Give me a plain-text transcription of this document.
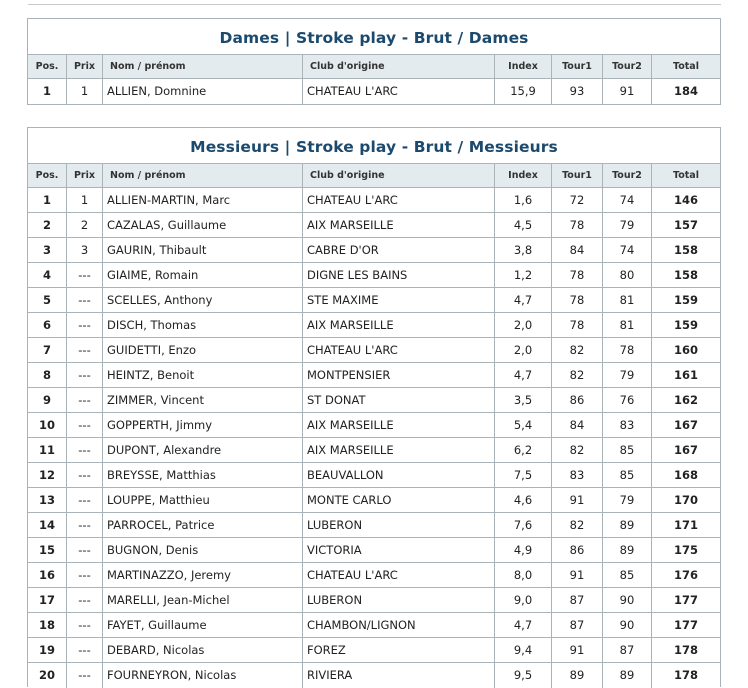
Dames | Stroke play - Brut / Dames
Pos.	Prix	Nom / prénom	Club d'origine	Index	Tour1	Tour2	Total
1	1	ALLIEN, Domnine	CHATEAU L'ARC	15,9	93	91	184
Messieurs | Stroke play - Brut / Messieurs
Pos.	Prix	Nom / prénom	Club d'origine	Index	Tour1	Tour2	Total
1	1	ALLIEN-MARTIN, Marc	CHATEAU L'ARC	1,6	72	74	146
2	2	CAZALAS, Guillaume	AIX MARSEILLE	4,5	78	79	157
3	3	GAURIN, Thibault	CABRE D'OR	3,8	84	74	158
4	---	GIAIME, Romain	DIGNE LES BAINS	1,2	78	80	158
5	---	SCELLES, Anthony	STE MAXIME	4,7	78	81	159
6	---	DISCH, Thomas	AIX MARSEILLE	2,0	78	81	159
7	---	GUIDETTI, Enzo	CHATEAU L'ARC	2,0	82	78	160
8	---	HEINTZ, Benoit	MONTPENSIER	4,7	82	79	161
9	---	ZIMMER, Vincent	ST DONAT	3,5	86	76	162
10	---	GOPPERTH, Jimmy	AIX MARSEILLE	5,4	84	83	167
11	---	DUPONT, Alexandre	AIX MARSEILLE	6,2	82	85	167
12	---	BREYSSE, Matthias	BEAUVALLON	7,5	83	85	168
13	---	LOUPPE, Matthieu	MONTE CARLO	4,6	91	79	170
14	---	PARROCEL, Patrice	LUBERON	7,6	82	89	171
15	---	BUGNON, Denis	VICTORIA	4,9	86	89	175
16	---	MARTINAZZO, Jeremy	CHATEAU L'ARC	8,0	91	85	176
17	---	MARELLI, Jean-Michel	LUBERON	9,0	87	90	177
18	---	FAYET, Guillaume	CHAMBON/LIGNON	4,7	87	90	177
19	---	DEBARD, Nicolas	FOREZ	9,4	91	87	178
20	---	FOURNEYRON, Nicolas	RIVIERA	9,5	89	89	178
